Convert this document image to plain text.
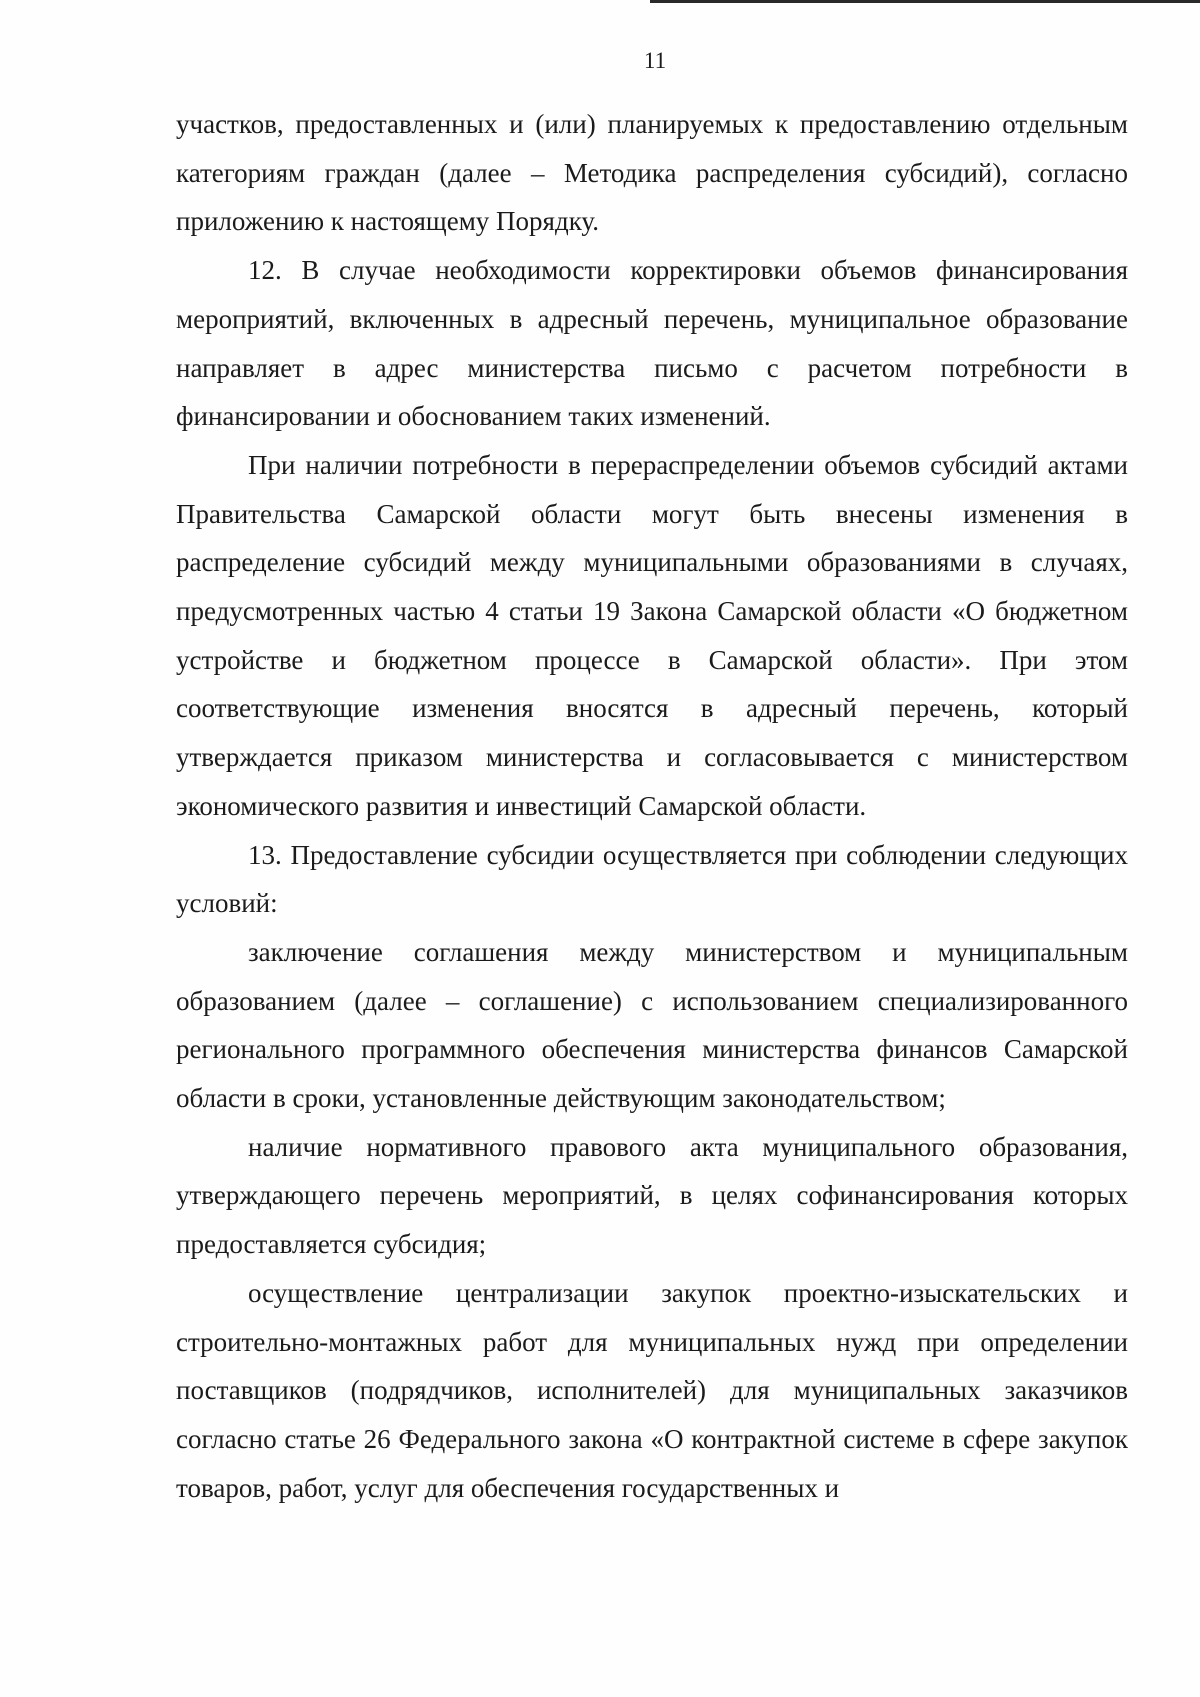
11

участков, предоставленных и (или) планируемых к предоставлению отдельным категориям граждан (далее – Методика распределения субсидий), согласно приложению к настоящему Порядку.

12. В случае необходимости корректировки объемов финансирования мероприятий, включенных в адресный перечень, муниципальное образование направляет в адрес министерства письмо с расчетом потребности в финансировании и обоснованием таких изменений.

При наличии потребности в перераспределении объемов субсидий актами Правительства Самарской области могут быть внесены изменения в распределение субсидий между муниципальными образованиями в случаях, предусмотренных частью 4 статьи 19 Закона Самарской области «О бюджетном устройстве и бюджетном процессе в Самарской области». При этом соответствующие изменения вносятся в адресный перечень, который утверждается приказом министерства и согласовывается с министерством экономического развития и инвестиций Самарской области.

13. Предоставление субсидии осуществляется при соблюдении следующих условий:

заключение соглашения между министерством и муниципальным образованием (далее – соглашение) с использованием специализированного регионального программного обеспечения министерства финансов Самарской области в сроки, установленные действующим законодательством;

наличие нормативного правового акта муниципального образования, утверждающего перечень мероприятий, в целях софинансирования которых предоставляется субсидия;

осуществление централизации закупок проектно-изыскательских и строительно-монтажных работ для муниципальных нужд при определении поставщиков (подрядчиков, исполнителей) для муниципальных заказчиков согласно статье 26 Федерального закона «О контрактной системе в сфере закупок товаров, работ, услуг для обеспечения государственных и
